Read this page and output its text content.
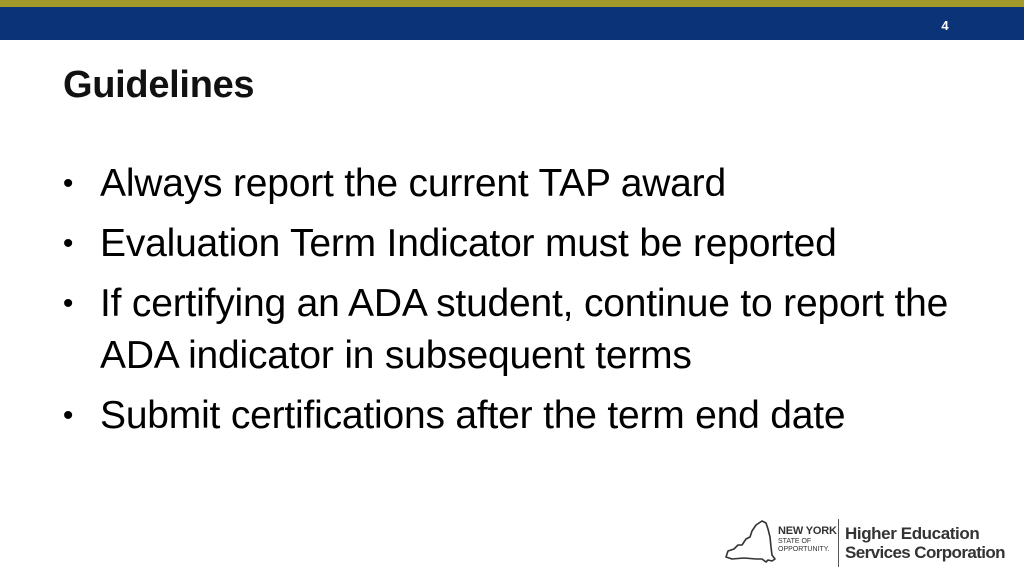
4
Guidelines
• Always report the current TAP award
• Evaluation Term Indicator must be reported
• If certifying an ADA student, continue to report the ADA indicator in subsequent terms
• Submit certifications after the term end date
NEW YORK
STATE OF
OPPORTUNITY.
Higher Education
Services Corporation
